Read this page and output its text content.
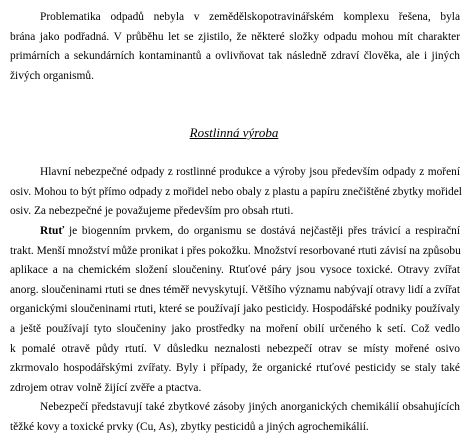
Problematika odpadů nebyla v zemědělskopotravinářském komplexu řešena, byla
brána jako podřadná. V průběhu let se zjistilo, že některé složky odpadu mohou mít charakter
primárních a sekundárních kontaminantů a ovlivňovat tak následně zdraví člověka, ale i jiných
živých organismů.

Rostlinná výroba

Hlavní nebezpečné odpady z rostlinné produkce a výroby jsou především odpady z moření
osiv. Mohou to být přímo odpady z mořidel nebo obaly z plastu a papíru znečištěné zbytky mořidel
osiv. Za nebezpečné je považujeme především pro obsah rtuti.

Rtuť je biogenním prvkem, do organismu se dostává nejčastěji přes trávicí a respirační
trakt. Menší množství může pronikat i přes pokožku. Množství resorbované rtuti závisí na způsobu
aplikace a na chemickém složení sloučeniny. Rtuťové páry jsou vysoce toxické. Otravy zvířat
anorg. sloučeninami rtuti se dnes téměř nevyskytují. Většího významu nabývají otravy lidí a zvířat
organickými sloučeninami rtuti, které se používají jako pesticidy. Hospodářské podniky používaly
a ještě používají tyto sloučeniny jako prostředky na moření obilí určeného k setí. Což vedlo
k pomalé otravě půdy rtutí. V důsledku neznalosti nebezpečí otrav se místy mořené osivo
zkrmovalo hospodářskými zvířaty. Byly i případy, že organické rtuťové pesticidy se staly také
zdrojem otrav volně žijící zvěře a ptactva.

Nebezpečí představují také zbytkové zásoby jiných anorganických chemikálií obsahujících
těžké kovy a toxické prvky (Cu, As), zbytky pesticidů a jiných agrochemikálií.
